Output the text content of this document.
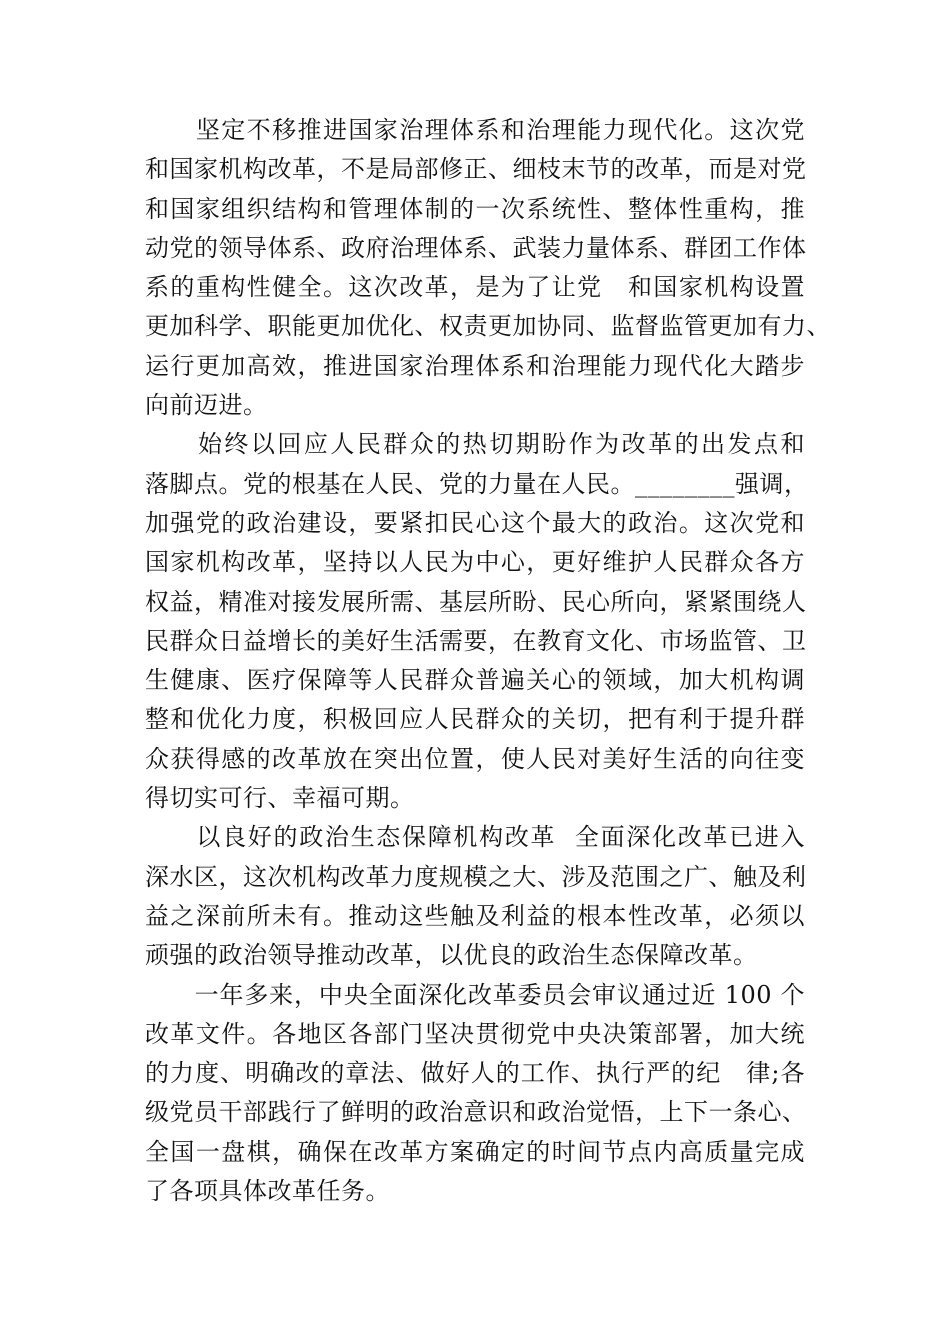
　　坚定不移推进国家治理体系和治理能力现代化。这次党
和国家机构改革，不是局部修正、细枝末节的改革，而是对党
和国家组织结构和管理体制的一次系统性、整体性重构，推
动党的领导体系、政府治理体系、武装力量体系、群团工作体
系的重构性健全。这次改革，是为了让党　和国家机构设置
更加科学、职能更加优化、权责更加协同、监督监管更加有力、
运行更加高效，推进国家治理体系和治理能力现代化大踏步
向前迈进。
　　始终以回应人民群众的热切期盼作为改革的出发点和
落脚点。党的根基在人民、党的力量在人民。________强调，
加强党的政治建设，要紧扣民心这个最大的政治。这次党和
国家机构改革，坚持以人民为中心，更好维护人民群众各方
权益，精准对接发展所需、基层所盼、民心所向，紧紧围绕人
民群众日益增长的美好生活需要，在教育文化、市场监管、卫
生健康、医疗保障等人民群众普遍关心的领域，加大机构调
整和优化力度，积极回应人民群众的关切，把有利于提升群
众获得感的改革放在突出位置，使人民对美好生活的向往变
得切实可行、幸福可期。
　　以良好的政治生态保障机构改革  全面深化改革已进入
深水区，这次机构改革力度规模之大、涉及范围之广、触及利
益之深前所未有。推动这些触及利益的根本性改革，必须以
顽强的政治领导推动改革，以优良的政治生态保障改革。
　　一年多来，中央全面深化改革委员会审议通过近 100 个
改革文件。各地区各部门坚决贯彻党中央决策部署，加大统
的力度、明确改的章法、做好人的工作、执行严的纪　律;各
级党员干部践行了鲜明的政治意识和政治觉悟，上下一条心、
全国一盘棋，确保在改革方案确定的时间节点内高质量完成
了各项具体改革任务。
